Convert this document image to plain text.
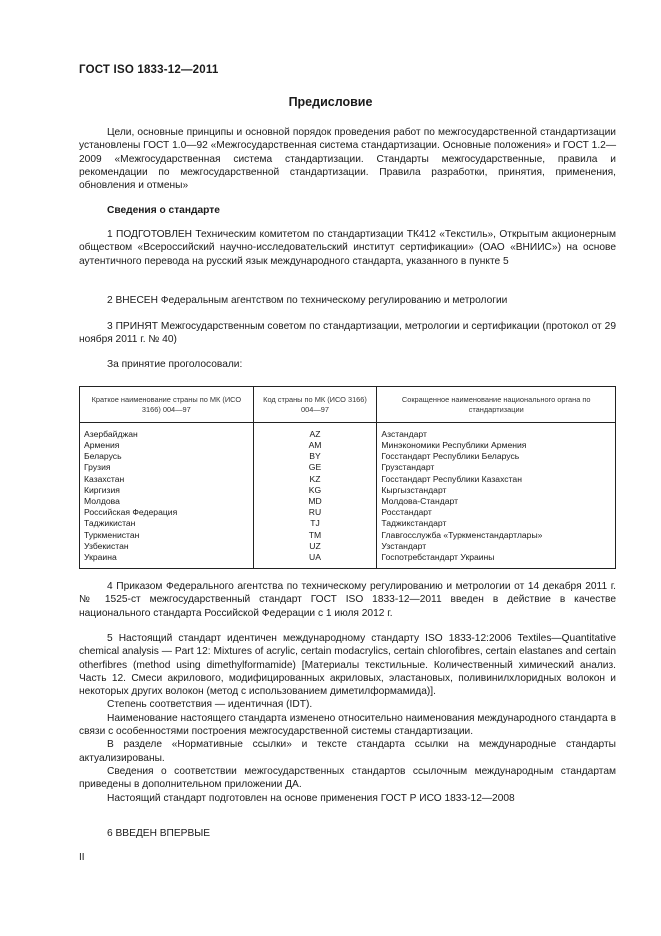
ГОСТ ISO 1833-12—2011
Предисловие

Цели, основные принципы и основной порядок проведения работ по межгосударственной стандартизации установлены ГОСТ 1.0—92 «Межгосударственная система стандартизации. Основные положения» и ГОСТ 1.2—2009 «Межгосударственная система стандартизации. Стандарты межгосударственные, правила и рекомендации по межгосударственной стандартизации. Правила разработки, принятия, применения, обновления и отмены»

Сведения о стандарте

1 ПОДГОТОВЛЕН Техническим комитетом по стандартизации ТК412 «Текстиль», Открытым акционерным обществом «Всероссийский научно-исследовательский институт сертификации» (ОАО «ВНИИС») на основе аутентичного перевода на русский язык международного стандарта, указанного в пункте 5

2 ВНЕСЕН Федеральным агентством по техническому регулированию и метрологии

3 ПРИНЯТ Межгосударственным советом по стандартизации, метрологии и сертификации (протокол от 29 ноября 2011 г. № 40)

За принятие проголосовали:

Краткое наименование страны по МК (ИСО 3166) 004—97	Код страны по МК (ИСО 3166) 004—97	Сокращенное наименование национального органа по стандартизации
Азербайджан	AZ	Азстандарт
Армения	AM	Минэкономики Республики Армения
Беларусь	BY	Госстандарт Республики Беларусь
Грузия	GE	Грузстандарт
Казахстан	KZ	Госстандарт Республики Казахстан
Киргизия	KG	Кыргызстандарт
Молдова	MD	Молдова-Стандарт
Российская Федерация	RU	Росстандарт
Таджикистан	TJ	Таджикстандарт
Туркменистан	TM	Главгосслужба «Туркменстандартлары»
Узбекистан	UZ	Узстандарт
Украина	UA	Госпотребстандарт Украины

4 Приказом Федерального агентства по техническому регулированию и метрологии от 14 декабря 2011 г. № 1525-ст межгосударственный стандарт ГОСТ ISO 1833-12—2011 введен в действие в качестве национального стандарта Российской Федерации с 1 июля 2012 г.

5 Настоящий стандарт идентичен международному стандарту ISO 1833-12:2006 Textiles—Quantitative chemical analysis — Part 12: Mixtures of acrylic, certain modacrylics, certain chlorofibres, certain elastanes and certain otherfibres (method using dimethylformamide) [Материалы текстильные. Количественный химический анализ. Часть 12. Смеси акрилового, модифицированных акриловых, эластановых, поливинилхлоридных волокон и некоторых других волокон (метод с использованием диметилформамида)].

Степень соответствия — идентичная (IDT).

Наименование настоящего стандарта изменено относительно наименования международного стандарта в связи с особенностями построения межгосударственной системы стандартизации.

В разделе «Нормативные ссылки» и тексте стандарта ссылки на международные стандарты актуализированы.

Сведения о соответствии межгосударственных стандартов ссылочным международным стандартам приведены в дополнительном приложении ДА.

Настоящий стандарт подготовлен на основе применения ГОСТ Р ИСО 1833-12—2008

6 ВВЕДЕН ВПЕРВЫЕ

II
